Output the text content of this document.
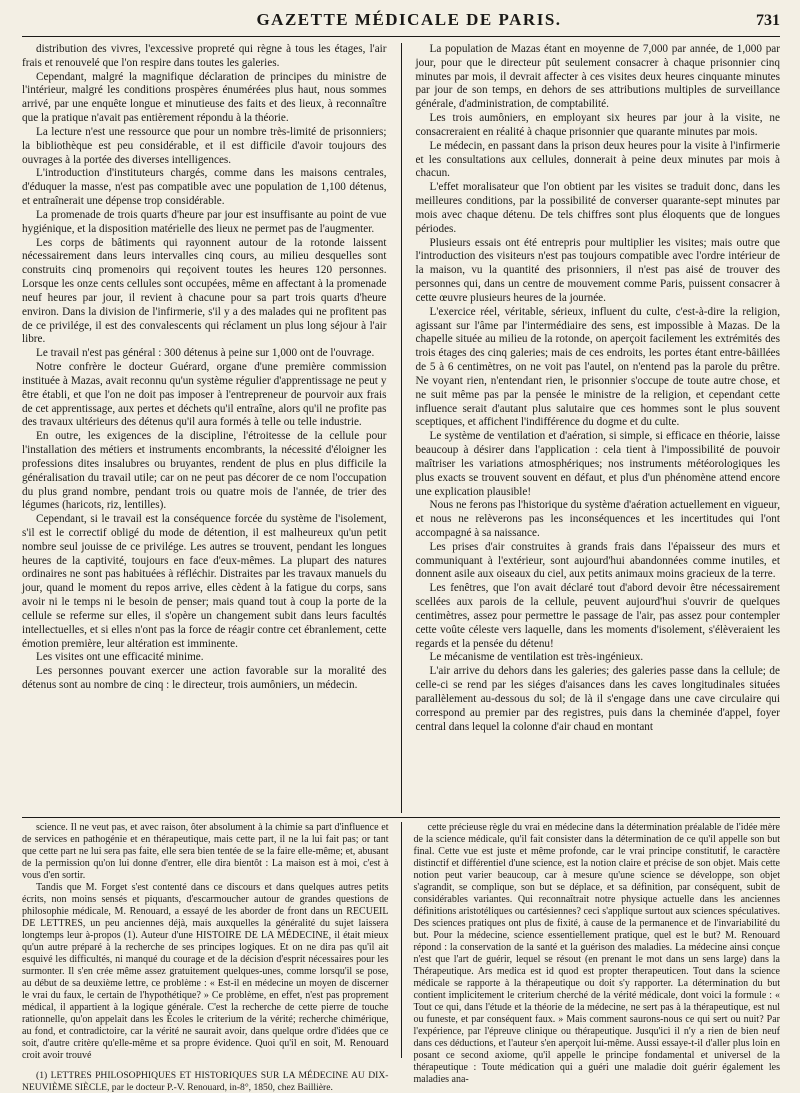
GAZETTE MÉDICALE DE PARIS.	731

distribution des vivres, l'excessive propreté qui règne à tous les étages, l'air frais et renouvelé que l'on respire dans toutes les galeries.

Cependant, malgré la magnifique déclaration de principes du ministre de l'intérieur, malgré les conditions prospères énumérées plus haut, nous sommes arrivé, par une enquête longue et minutieuse des faits et des lieux, à reconnaître que la pratique n'avait pas entièrement répondu à la théorie.

La lecture n'est une ressource que pour un nombre très-limité de prisonniers; la bibliothèque est peu considérable, et il est difficile d'avoir toujours des ouvrages à la portée des diverses intelligences.

L'introduction d'instituteurs chargés, comme dans les maisons centrales, d'éduquer la masse, n'est pas compatible avec une population de 1,100 détenus, et entraînerait une dépense trop considérable.

La promenade de trois quarts d'heure par jour est insuffisante au point de vue hygiénique, et la disposition matérielle des lieux ne permet pas de l'augmenter.

Les corps de bâtiments qui rayonnent autour de la rotonde laissent nécessairement dans leurs intervalles cinq cours, au milieu desquelles sont construits cinq promenoirs qui reçoivent toutes les heures 120 personnes. Lorsque les onze cents cellules sont occupées, même en affectant à la promenade neuf heures par jour, il revient à chacune pour sa part trois quarts d'heure environ. Dans la division de l'infirmerie, s'il y a des malades qui ne profitent pas de ce privilége, il est des convalescents qui réclament un plus long séjour à l'air libre.

Le travail n'est pas général : 300 détenus à peine sur 1,000 ont de l'ouvrage.

Notre confrère le docteur Guérard, organe d'une première commission instituée à Mazas, avait reconnu qu'un système régulier d'apprentissage ne peut y être établi, et que l'on ne doit pas imposer à l'entrepreneur de pourvoir aux frais de cet apprentissage, aux pertes et déchets qu'il entraîne, alors qu'il ne profite pas des travaux ultérieurs des détenus qu'il aura formés à telle ou telle industrie.

En outre, les exigences de la discipline, l'étroitesse de la cellule pour l'installation des métiers et instruments encombrants, la nécessité d'éloigner les professions dites insalubres ou bruyantes, rendent de plus en plus difficile la généralisation du travail utile; car on ne peut pas décorer de ce nom l'occupation du plus grand nombre, pendant trois ou quatre mois de l'année, de trier des légumes (haricots, riz, lentilles).

Cependant, si le travail est la conséquence forcée du système de l'isolement, s'il est le correctif obligé du mode de détention, il est malheureux qu'un petit nombre seul jouisse de ce privilége. Les autres se trouvent, pendant les longues heures de la captivité, toujours en face d'eux-mêmes. La plupart des natures ordinaires ne sont pas habituées à réfléchir. Distraites par les travaux manuels du jour, quand le moment du repos arrive, elles cèdent à la fatigue du corps, sans avoir ni le temps ni le besoin de penser; mais quand tout à coup la porte de la cellule se referme sur elles, il s'opère un changement subit dans leurs facultés intellectuelles, et si elles n'ont pas la force de réagir contre cet ébranlement, cette émotion première, leur altération est imminente.

Les visites ont une efficacité minime.

Les personnes pouvant exercer une action favorable sur la moralité des détenus sont au nombre de cinq : le directeur, trois aumôniers, un médecin.

La population de Mazas étant en moyenne de 7,000 par année, de 1,000 par jour, pour que le directeur pût seulement consacrer à chaque prisonnier cinq minutes par mois, il devrait affecter à ces visites deux heures cinquante minutes par jour de son temps, en dehors de ses attributions multiples de surveillance générale, d'administration, de comptabilité.

Les trois aumôniers, en employant six heures par jour à la visite, ne consacreraient en réalité à chaque prisonnier que quarante minutes par mois.

Le médecin, en passant dans la prison deux heures pour la visite à l'infirmerie et les consultations aux cellules, donnerait à peine deux minutes par mois à chacun.

L'effet moralisateur que l'on obtient par les visites se traduit donc, dans les meilleures conditions, par la possibilité de converser quarante-sept minutes par mois avec chaque détenu. De tels chiffres sont plus éloquents que de longues périodes.

Plusieurs essais ont été entrepris pour multiplier les visites; mais outre que l'introduction des visiteurs n'est pas toujours compatible avec l'ordre intérieur de la maison, vu la quantité des prisonniers, il n'est pas aisé de trouver des personnes qui, dans un centre de mouvement comme Paris, puissent consacrer à cette œuvre plusieurs heures de la journée.

L'exercice réel, véritable, sérieux, influent du culte, c'est-à-dire la religion, agissant sur l'âme par l'intermédiaire des sens, est impossible à Mazas. De la chapelle située au milieu de la rotonde, on aperçoit facilement les extrémités des trois étages des cinq galeries; mais de ces endroits, les portes étant entre-bâillées de 5 à 6 centimètres, on ne voit pas l'autel, on n'entend pas la parole du prêtre. Ne voyant rien, n'entendant rien, le prisonnier s'occupe de toute autre chose, et ne suit même pas par la pensée le ministre de la religion, et cependant cette influence serait d'autant plus salutaire que ces hommes sont le plus souvent sceptiques, et affichent l'indifférence du dogme et du culte.

Le système de ventilation et d'aération, si simple, si efficace en théorie, laisse beaucoup à désirer dans l'application : cela tient à l'impossibilité de pouvoir maîtriser les variations atmosphériques; nos instruments météorologiques les plus exacts se trouvent souvent en défaut, et plus d'un phénomène attend encore une explication plausible!

Nous ne ferons pas l'historique du système d'aération actuellement en vigueur, et nous ne relèverons pas les inconséquences et les incertitudes qui l'ont accompagné à sa naissance.

Les prises d'air construites à grands frais dans l'épaisseur des murs et communiquant à l'extérieur, sont aujourd'hui abandonnées comme inutiles, et donnent asile aux oiseaux du ciel, aux petits animaux moins gracieux de la terre.

Les fenêtres, que l'on avait déclaré tout d'abord devoir être nécessairement scellées aux parois de la cellule, peuvent aujourd'hui s'ouvrir de quelques centimètres, assez pour permettre le passage de l'air, pas assez pour contempler cette voûte céleste vers laquelle, dans les moments d'isolement, s'élèveraient les regards et la pensée du détenu!

Le mécanisme de ventilation est très-ingénieux.

L'air arrive du dehors dans les galeries; des galeries passe dans la cellule; de celle-ci se rend par les siéges d'aisances dans les caves longitudinales situées parallèlement au-dessous du sol; de là il s'engage dans une cave circulaire qui correspond au premier par des registres, puis dans la cheminée d'appel, foyer central dans lequel la colonne d'air chaud en montant

science. Il ne veut pas, et avec raison, ôter absolument à la chimie sa part d'influence et de services en pathogénie et en thérapeutique, mais cette part, il ne la lui fait pas; or tant que cette part ne lui sera pas faite, elle sera bien tentée de se la faire elle-même; et, abusant de la permission qu'on lui donne d'entrer, elle dira bientôt : La maison est à moi, c'est à vous d'en sortir.

Tandis que M. Forget s'est contenté dans ce discours et dans quelques autres petits écrits, non moins sensés et piquants, d'escarmoucher autour de grandes questions de philosophie médicale, M. Renouard, a essayé de les aborder de front dans un RECUEIL DE LETTRES, un peu anciennes déjà, mais auxquelles la généralité du sujet laissera longtemps leur à-propos (1). Auteur d'une HISTOIRE DE LA MÉDECINE, il était mieux qu'un autre préparé à la recherche de ses principes logiques. Et on ne dira pas qu'il ait esquivé les difficultés, ni manqué du courage et de la décision d'esprit nécessaires pour les surmonter. Il s'en crée même assez gratuitement quelques-unes, comme lorsqu'il se pose, au début de sa deuxième lettre, ce problème : « Est-il en médecine un moyen de discerner le vrai du faux, le certain de l'hypothétique? » Ce problème, en effet, n'est pas proprement médical, il appartient à la logique générale. C'est la recherche de cette pierre de touche rationnelle, qu'on appelait dans les Écoles le criterium de la vérité; recherche chimérique, au fond, et contradictoire, car la vérité ne saurait avoir, dans quelque ordre d'idées que ce soit, d'autre critère qu'elle-même et sa propre évidence. Quoi qu'il en soit, M. Renouard croit avoir trouvé

(1) LETTRES PHILOSOPHIQUES ET HISTORIQUES SUR LA MÉDECINE AU DIX-NEUVIÈME SIÈCLE, par le docteur P.-V. Renouard, in-8°, 1850, chez Baillière.

cette précieuse règle du vrai en médecine dans la détermination préalable de l'idée mère de la science médicale, qu'il fait consister dans la détermination de ce qu'il appelle son but final. Cette vue est juste et même profonde, car le vrai principe constitutif, le caractère distinctif et différentiel d'une science, est la notion claire et précise de son objet. Mais cette notion peut varier beaucoup, car à mesure qu'une science se développe, son objet s'agrandit, se complique, son but se déplace, et sa définition, par conséquent, subit de considérables variantes. Qui reconnaîtrait notre physique actuelle dans les anciennes définitions aristotéliques ou cartésiennes? ceci s'applique surtout aux sciences spéculatives. Des sciences pratiques ont plus de fixité, à cause de la permanence et de l'invariabilité du but. Pour la médecine, science essentiellement pratique, quel est le but? M. Renouard répond : la conservation de la santé et la guérison des maladies. La médecine ainsi conçue n'est que l'art de guérir, lequel se résout (en prenant le mot dans un sens large) dans la Thérapeutique. Ars medica est id quod est propter therapeuticen. Tout dans la science médicale se rapporte à la thérapeutique ou doit s'y rapporter. La détermination du but contient implicitement le criterium cherché de la vérité médicale, dont voici la formule : « Tout ce qui, dans l'étude et la théorie de la médecine, ne sert pas à la thérapeutique, est nul ou funeste, et par conséquent faux. » Mais comment saurons-nous ce qui sert ou nuit? Par l'expérience, par l'épreuve clinique ou thérapeutique. Jusqu'ici il n'y a rien de bien neuf dans ces déductions, et l'auteur s'en aperçoit lui-même. Aussi essaye-t-il d'aller plus loin en posant ce second axiome, qu'il appelle le principe fondamental et universel de la thérapeutique : Toute médication qui a guéri une maladie doit guérir également les maladies ana-
